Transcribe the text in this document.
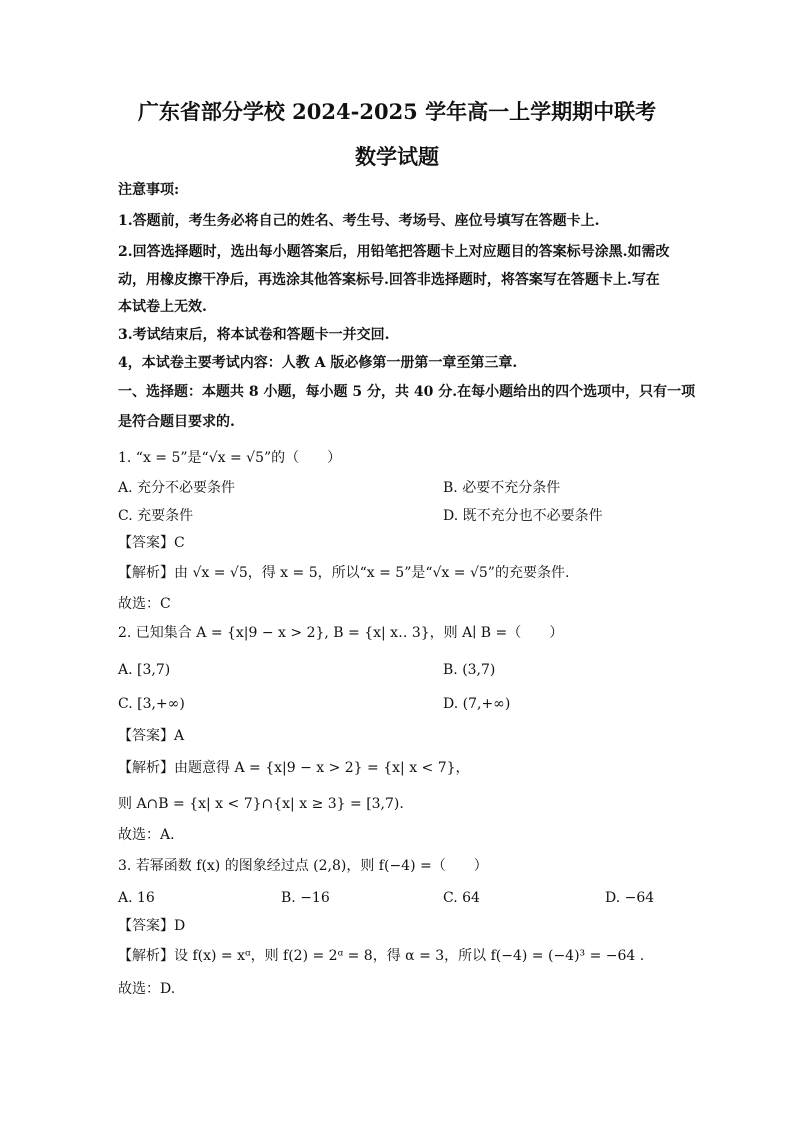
广东省部分学校 2024-2025 学年高一上学期期中联考
数学试题
注意事项:
1.答题前，考生务必将自己的姓名、考生号、考场号、座位号填写在答题卡上.
2.回答选择题时，选出每小题答案后，用铅笔把答题卡上对应题目的答案标号涂黑.如需改
动，用橡皮擦干净后，再选涂其他答案标号.回答非选择题时，将答案写在答题卡上.写在
本试卷上无效.
3.考试结束后，将本试卷和答题卡一并交回.
4，本试卷主要考试内容：人教 A 版必修第一册第一章至第三章.
一、选择题：本题共 8 小题，每小题 5 分，共 40 分.在每小题给出的四个选项中，只有一项
是符合题目要求的.
1. “x = 5”是“√x = √5”的（　　）
A. 充分不必要条件	B. 必要不充分条件
C. 充要条件	D. 既不充分也不必要条件
【答案】C
【解析】由 √x = √5，得 x = 5，所以“x = 5”是“√x = √5”的充要条件.
故选：C
2. 已知集合 A = {x|9 − x > 2}, B = {x| x‥ 3}，则 A∣ B =（　　）
A. [3,7)	B. (3,7)
C. [3,+∞)	D. (7,+∞)
【答案】A
【解析】由题意得 A = {x|9 − x > 2} = {x| x < 7}，
则 A∩B = {x| x < 7}∩{x| x ≥ 3} = [3,7).
故选：A.
3. 若幂函数 f(x) 的图象经过点 (2,8)，则 f(−4) =（　　）
A. 16	B. −16	C. 64	D. −64
【答案】D
【解析】设 f(x) = xᵅ，则 f(2) = 2ᵅ = 8，得 α = 3，所以 f(−4) = (−4)³ = −64 .
故选：D.
